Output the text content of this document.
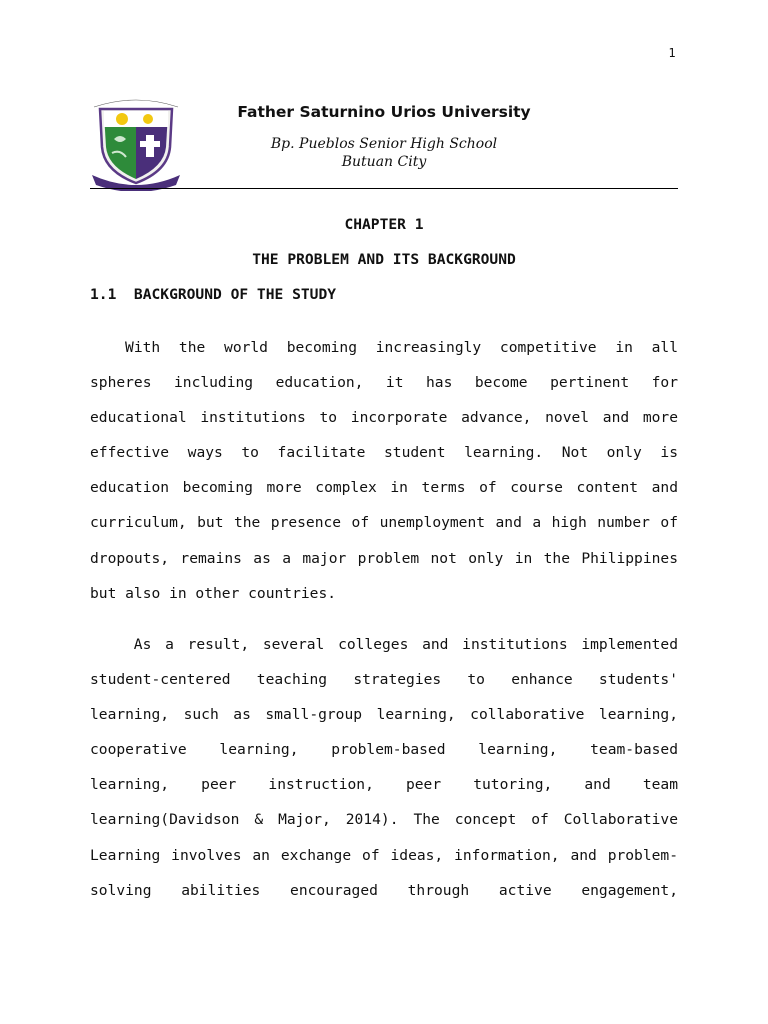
1
Father Saturnino Urios University
Bp. Pueblos Senior High School
Butuan City
CHAPTER 1
THE PROBLEM AND ITS BACKGROUND
1.1  BACKGROUND OF THE STUDY
With the world becoming increasingly competitive in all
spheres including education, it has become pertinent for
educational institutions to incorporate advance, novel and more
effective ways to facilitate student learning. Not only is
education becoming more complex in terms of course content and
curriculum, but the presence of unemployment and a high number of
dropouts, remains as a major problem not only in the Philippines
but also in other countries.
As a result, several colleges and institutions implemented
student-centered teaching strategies to enhance students'
learning, such as small-group learning, collaborative learning,
cooperative learning, problem-based learning, team-based
learning, peer instruction, peer tutoring, and team
learning(Davidson & Major, 2014). The concept of Collaborative
Learning involves an exchange of ideas, information, and problem-
solving abilities encouraged through active engagement,
